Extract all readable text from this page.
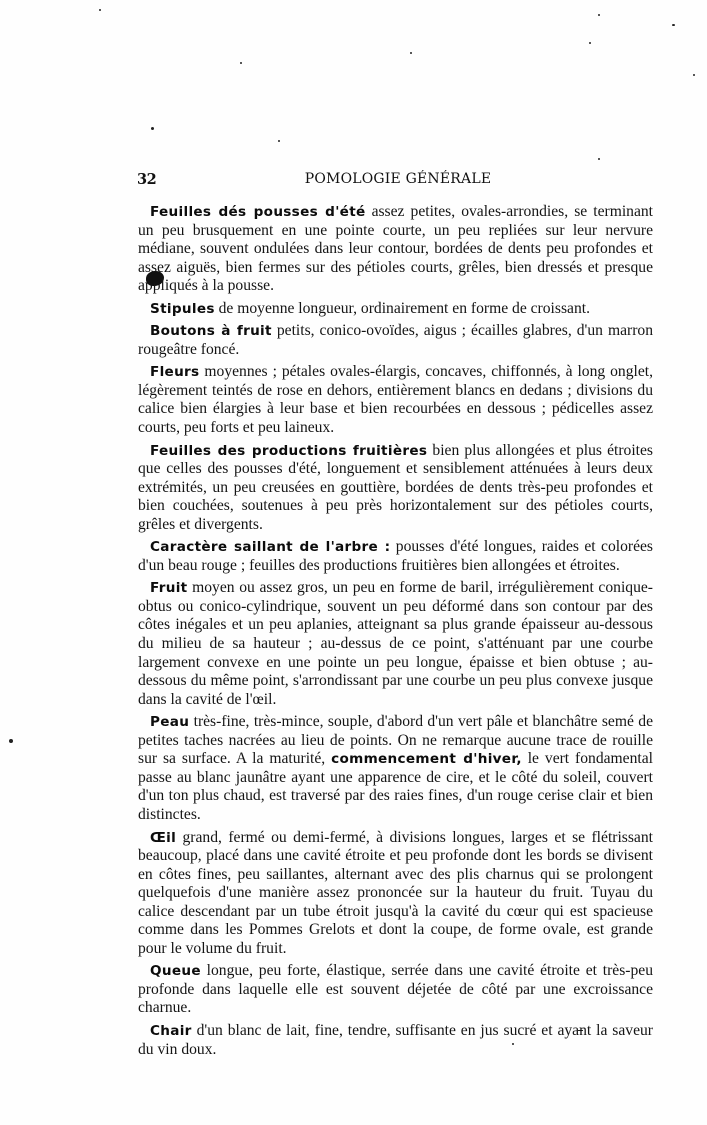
32	POMOLOGIE GÉNÉRALE

Feuilles dés pousses d'été assez petites, ovales-arrondies, se terminant un peu brusquement en une pointe courte, un peu repliées sur leur nervure médiane, souvent ondulées dans leur contour, bordées de dents peu profondes et assez aiguës, bien fermes sur des pétioles courts, grêles, bien dressés et presque appliqués à la pousse.

Stipules de moyenne longueur, ordinairement en forme de croissant.

Boutons à fruit petits, conico-ovoïdes, aigus ; écailles glabres, d'un marron rougeâtre foncé.

Fleurs moyennes ; pétales ovales-élargis, concaves, chiffonnés, à long onglet, légèrement teintés de rose en dehors, entièrement blancs en dedans ; divisions du calice bien élargies à leur base et bien recourbées en dessous ; pédicelles assez courts, peu forts et peu laineux.

Feuilles des productions fruitières bien plus allongées et plus étroites que celles des pousses d'été, longuement et sensiblement atténuées à leurs deux extrémités, un peu creusées en gouttière, bordées de dents très-peu profondes et bien couchées, soutenues à peu près horizontalement sur des pétioles courts, grêles et divergents.

Caractère saillant de l'arbre : pousses d'été longues, raides et colorées d'un beau rouge ; feuilles des productions fruitières bien allongées et étroites.

Fruit moyen ou assez gros, un peu en forme de baril, irrégulièrement conique-obtus ou conico-cylindrique, souvent un peu déformé dans son contour par des côtes inégales et un peu aplanies, atteignant sa plus grande épaisseur au-dessous du milieu de sa hauteur ; au-dessus de ce point, s'atténuant par une courbe largement convexe en une pointe un peu longue, épaisse et bien obtuse ; au-dessous du même point, s'arrondissant par une courbe un peu plus convexe jusque dans la cavité de l'œil.

Peau très-fine, très-mince, souple, d'abord d'un vert pâle et blanchâtre semé de petites taches nacrées au lieu de points. On ne remarque aucune trace de rouille sur sa surface. A la maturité, commencement d'hiver, le vert fondamental passe au blanc jaunâtre ayant une apparence de cire, et le côté du soleil, couvert d'un ton plus chaud, est traversé par des raies fines, d'un rouge cerise clair et bien distinctes.

Œil grand, fermé ou demi-fermé, à divisions longues, larges et se flétrissant beaucoup, placé dans une cavité étroite et peu profonde dont les bords se divisent en côtes fines, peu saillantes, alternant avec des plis charnus qui se prolongent quelquefois d'une manière assez prononcée sur la hauteur du fruit. Tuyau du calice descendant par un tube étroit jusqu'à la cavité du cœur qui est spacieuse comme dans les Pommes Grelots et dont la coupe, de forme ovale, est grande pour le volume du fruit.

Queue longue, peu forte, élastique, serrée dans une cavité étroite et très-peu profonde dans laquelle elle est souvent déjetée de côté par une excroissance charnue.

Chair d'un blanc de lait, fine, tendre, suffisante en jus sucré et ayant la saveur du vin doux.
